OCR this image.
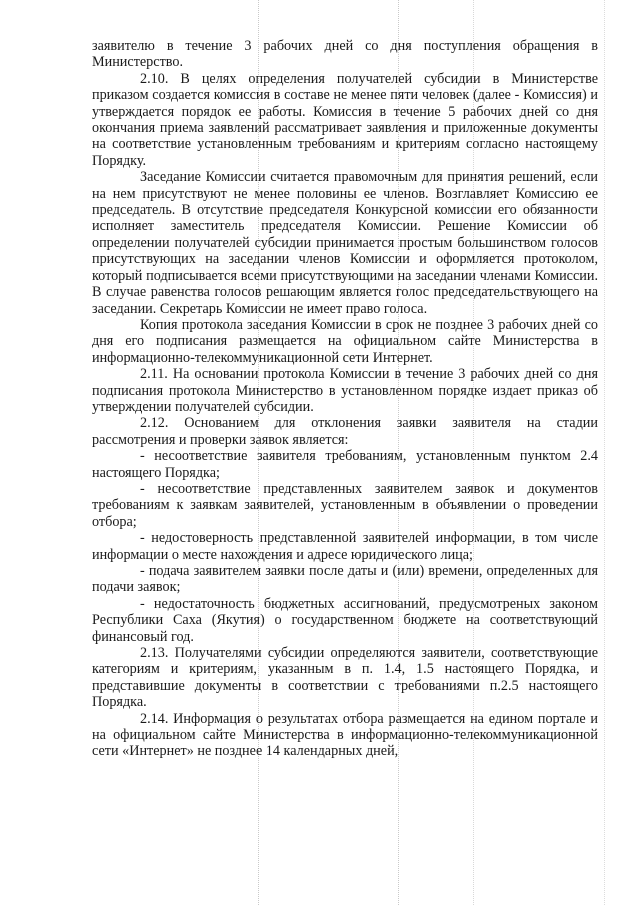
заявителю в течение 3 рабочих дней со дня поступления обращения в Министерство.

2.10. В целях определения получателей субсидии в Министерстве приказом создается комиссия в составе не менее пяти человек (далее - Комиссия) и утверждается порядок ее работы. Комиссия в течение 5 рабочих дней со дня окончания приема заявлений рассматривает заявления и приложенные документы на соответствие установленным требованиям и критериям согласно настоящему Порядку.

Заседание Комиссии считается правомочным для принятия решений, если на нем присутствуют не менее половины ее членов. Возглавляет Комиссию ее председатель. В отсутствие председателя Конкурсной комиссии его обязанности исполняет заместитель председателя Комиссии. Решение Комиссии об определении получателей субсидии принимается простым большинством голосов присутствующих на заседании членов Комиссии и оформляется протоколом, который подписывается всеми присутствующими на заседании членами Комиссии. В случае равенства голосов решающим является голос председательствующего на заседании. Секретарь Комиссии не имеет право голоса.

Копия протокола заседания Комиссии в срок не позднее 3 рабочих дней со дня его подписания размещается на официальном сайте Министерства в информационно-телекоммуникационной сети Интернет.

2.11. На основании протокола Комиссии в течение 3 рабочих дней со дня подписания протокола Министерство в установленном порядке издает приказ об утверждении получателей субсидии.

2.12. Основанием для отклонения заявки заявителя на стадии рассмотрения и проверки заявок является:

- несоответствие заявителя требованиям, установленным пунктом 2.4 настоящего Порядка;

- несоответствие представленных заявителем заявок и документов требованиям к заявкам заявителей, установленным в объявлении о проведении отбора;

- недостоверность представленной заявителей информации, в том числе информации о месте нахождения и адресе юридического лица;

- подача заявителем заявки после даты и (или) времени, определенных для подачи заявок;

- недостаточность бюджетных ассигнований, предусмотреных законом Республики Саха (Якутия) о государственном бюджете на соответствующий финансовый год.

2.13. Получателями субсидии определяются заявители, соответствующие категориям и критериям, указанным в п. 1.4, 1.5 настоящего Порядка, и представившие документы в соответствии с требованиями п.2.5 настоящего Порядка.

2.14. Информация о результатах отбора размещается на едином портале и на официальном сайте Министерства в информационно-телекоммуникационной сети «Интернет» не позднее 14 календарных дней,
